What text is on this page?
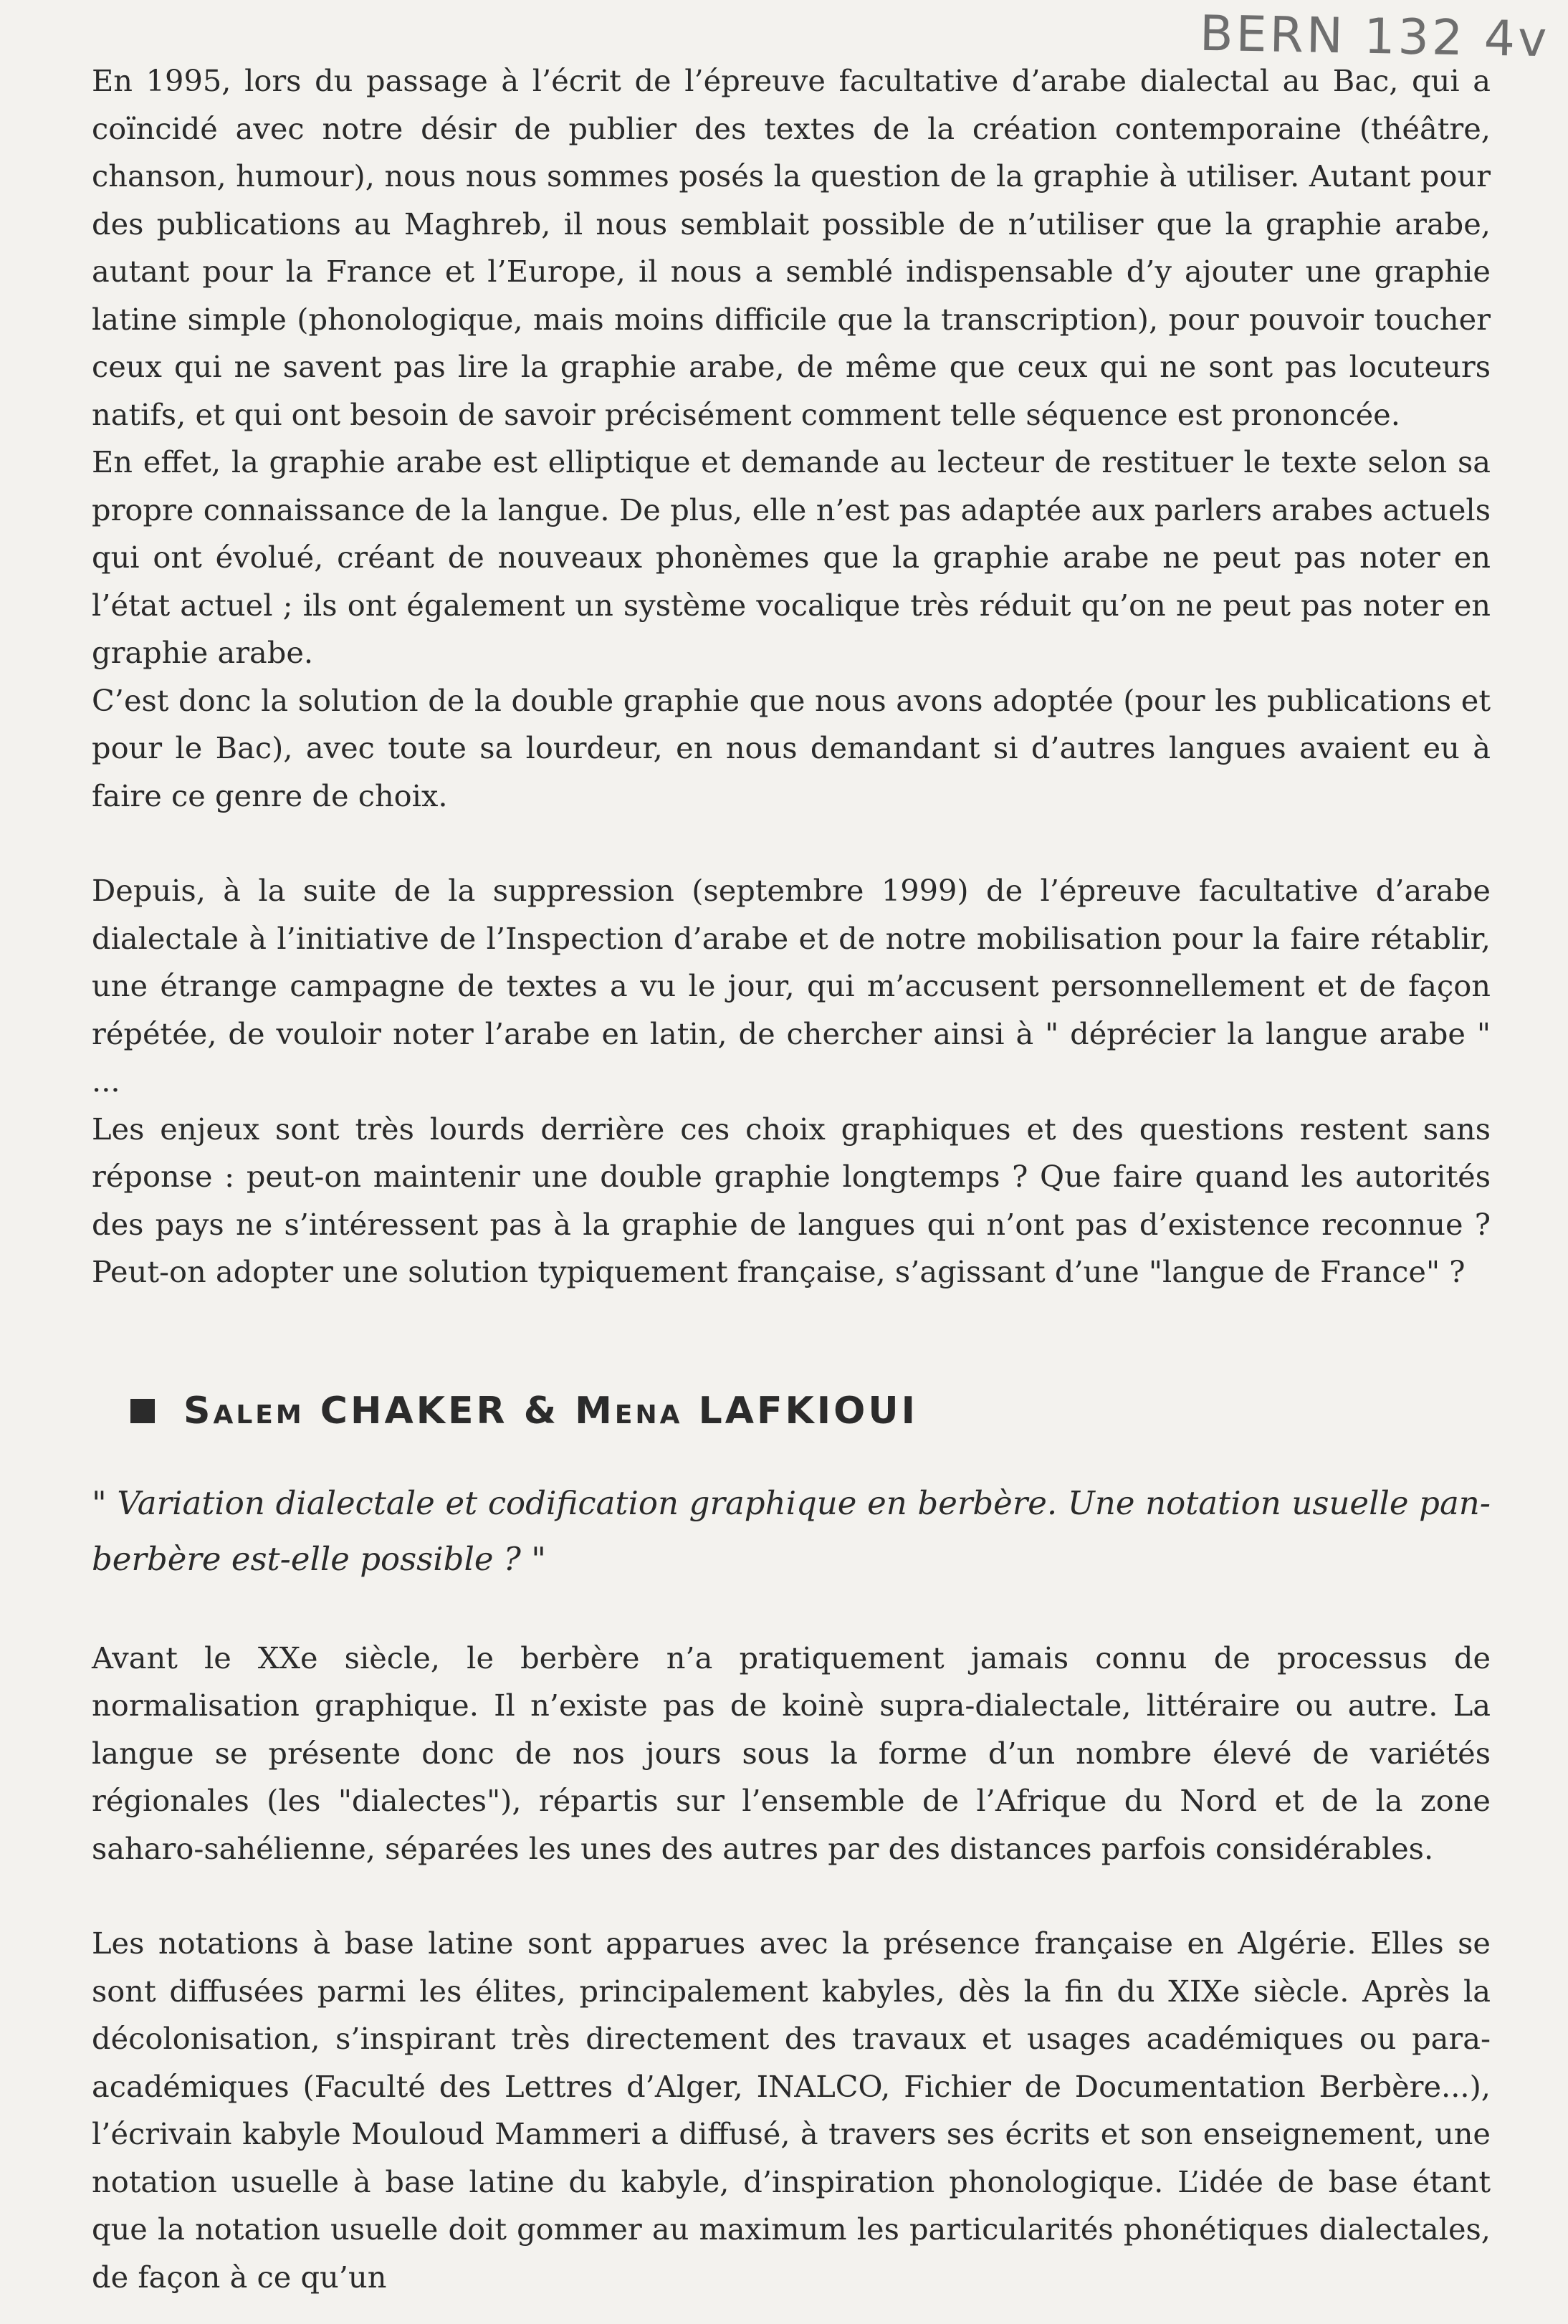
BERN 132 4v

En 1995, lors du passage à l’écrit de l’épreuve facultative d’arabe dialectal au Bac, qui a coïncidé avec notre désir de publier des textes de la création contemporaine (théâtre, chanson, humour), nous nous sommes posés la question de la graphie à utiliser. Autant pour des publications au Maghreb, il nous semblait possible de n’utiliser que la graphie arabe, autant pour la France et l’Europe, il nous a semblé indispensable d’y ajouter une graphie latine simple (phonologique, mais moins difficile que la transcription), pour pouvoir toucher ceux qui ne savent pas lire la graphie arabe, de même que ceux qui ne sont pas locuteurs natifs, et qui ont besoin de savoir précisément comment telle séquence est prononcée.

En effet, la graphie arabe est elliptique et demande au lecteur de restituer le texte selon sa propre connaissance de la langue. De plus, elle n’est pas adaptée aux parlers arabes actuels qui ont évolué, créant de nouveaux phonèmes que la graphie arabe ne peut pas noter en l’état actuel ; ils ont également un système vocalique très réduit qu’on ne peut pas noter en graphie arabe.

C’est donc la solution de la double graphie que nous avons adoptée (pour les publications et pour le Bac), avec toute sa lourdeur, en nous demandant si d’autres langues avaient eu à faire ce genre de choix.

Depuis, à la suite de la suppression (septembre 1999) de l’épreuve facultative d’arabe dialectale à l’initiative de l’Inspection d’arabe et de notre mobilisation pour la faire rétablir, une étrange campagne de textes a vu le jour, qui m’accusent personnellement et de façon répétée, de vouloir noter l’arabe en latin, de chercher ainsi à " déprécier la langue arabe " ...

Les enjeux sont très lourds derrière ces choix graphiques et des questions restent sans réponse : peut-on maintenir une double graphie longtemps ? Que faire quand les autorités des pays ne s’intéressent pas à la graphie de langues qui n’ont pas d’existence reconnue ? Peut-on adopter une solution typiquement française, s’agissant d’une "langue de France" ?

Salem
CHAKER
&
Mena
LAFKIOUI

" Variation dialectale et codification graphique en berbère. Une notation usuelle pan-berbère est-elle possible ? "

Avant le XXe siècle, le berbère n’a pratiquement jamais connu de processus de normalisation graphique. Il n’existe pas de koinè supra-dialectale, littéraire ou autre. La langue se présente donc de nos jours sous la forme d’un nombre élevé de variétés régionales (les "dialectes"), répartis sur l’ensemble de l’Afrique du Nord et de la zone saharo-sahélienne, séparées les unes des autres par des distances parfois considérables.

Les notations à base latine sont apparues avec la présence française en Algérie. Elles se sont diffusées parmi les élites, principalement kabyles, dès la fin du XIXe siècle. Après la décolonisation, s’inspirant très directement des travaux et usages académiques ou para-académiques (Faculté des Lettres d’Alger, INALCO, Fichier de Documentation Berbère...), l’écrivain kabyle Mouloud Mammeri a diffusé, à travers ses écrits et son enseignement, une notation usuelle à base latine du kabyle, d’inspiration phonologique. L’idée de base étant que la notation usuelle doit gommer au maximum les particularités phonétiques dialectales, de façon à ce qu’un
